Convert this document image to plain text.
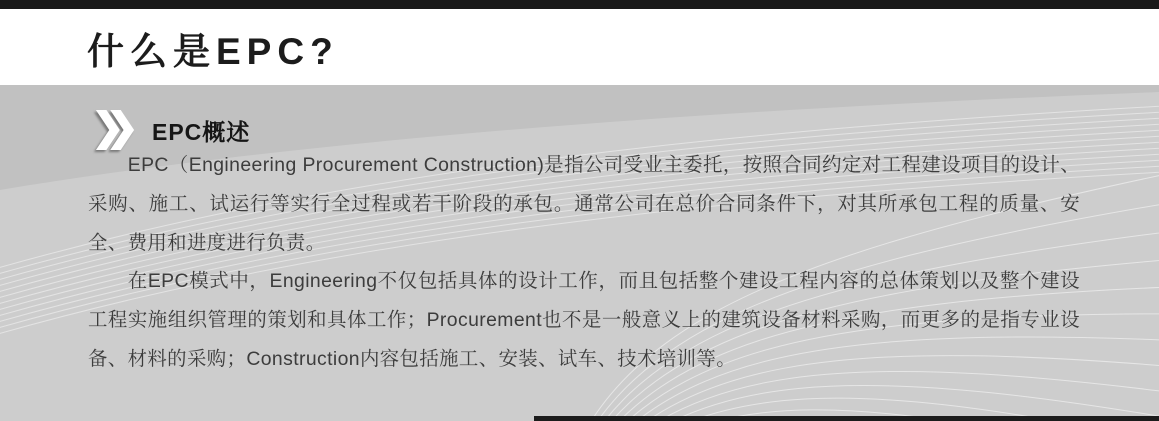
什么是EPC?
EPC概述

EPC（Engineering Procurement Construction)是指公司受业主委托，按照合同约定对工程建设项目的设计、采购、施工、试运行等实行全过程或若干阶段的承包。通常公司在总价合同条件下，对其所承包工程的质量、安全、费用和进度进行负责。

在EPC模式中，Engineering不仅包括具体的设计工作，而且包括整个建设工程内容的总体策划以及整个建设工程实施组织管理的策划和具体工作；Procurement也不是一般意义上的建筑设备材料采购，而更多的是指专业设备、材料的采购；Construction内容包括施工、安装、试车、技术培训等。
